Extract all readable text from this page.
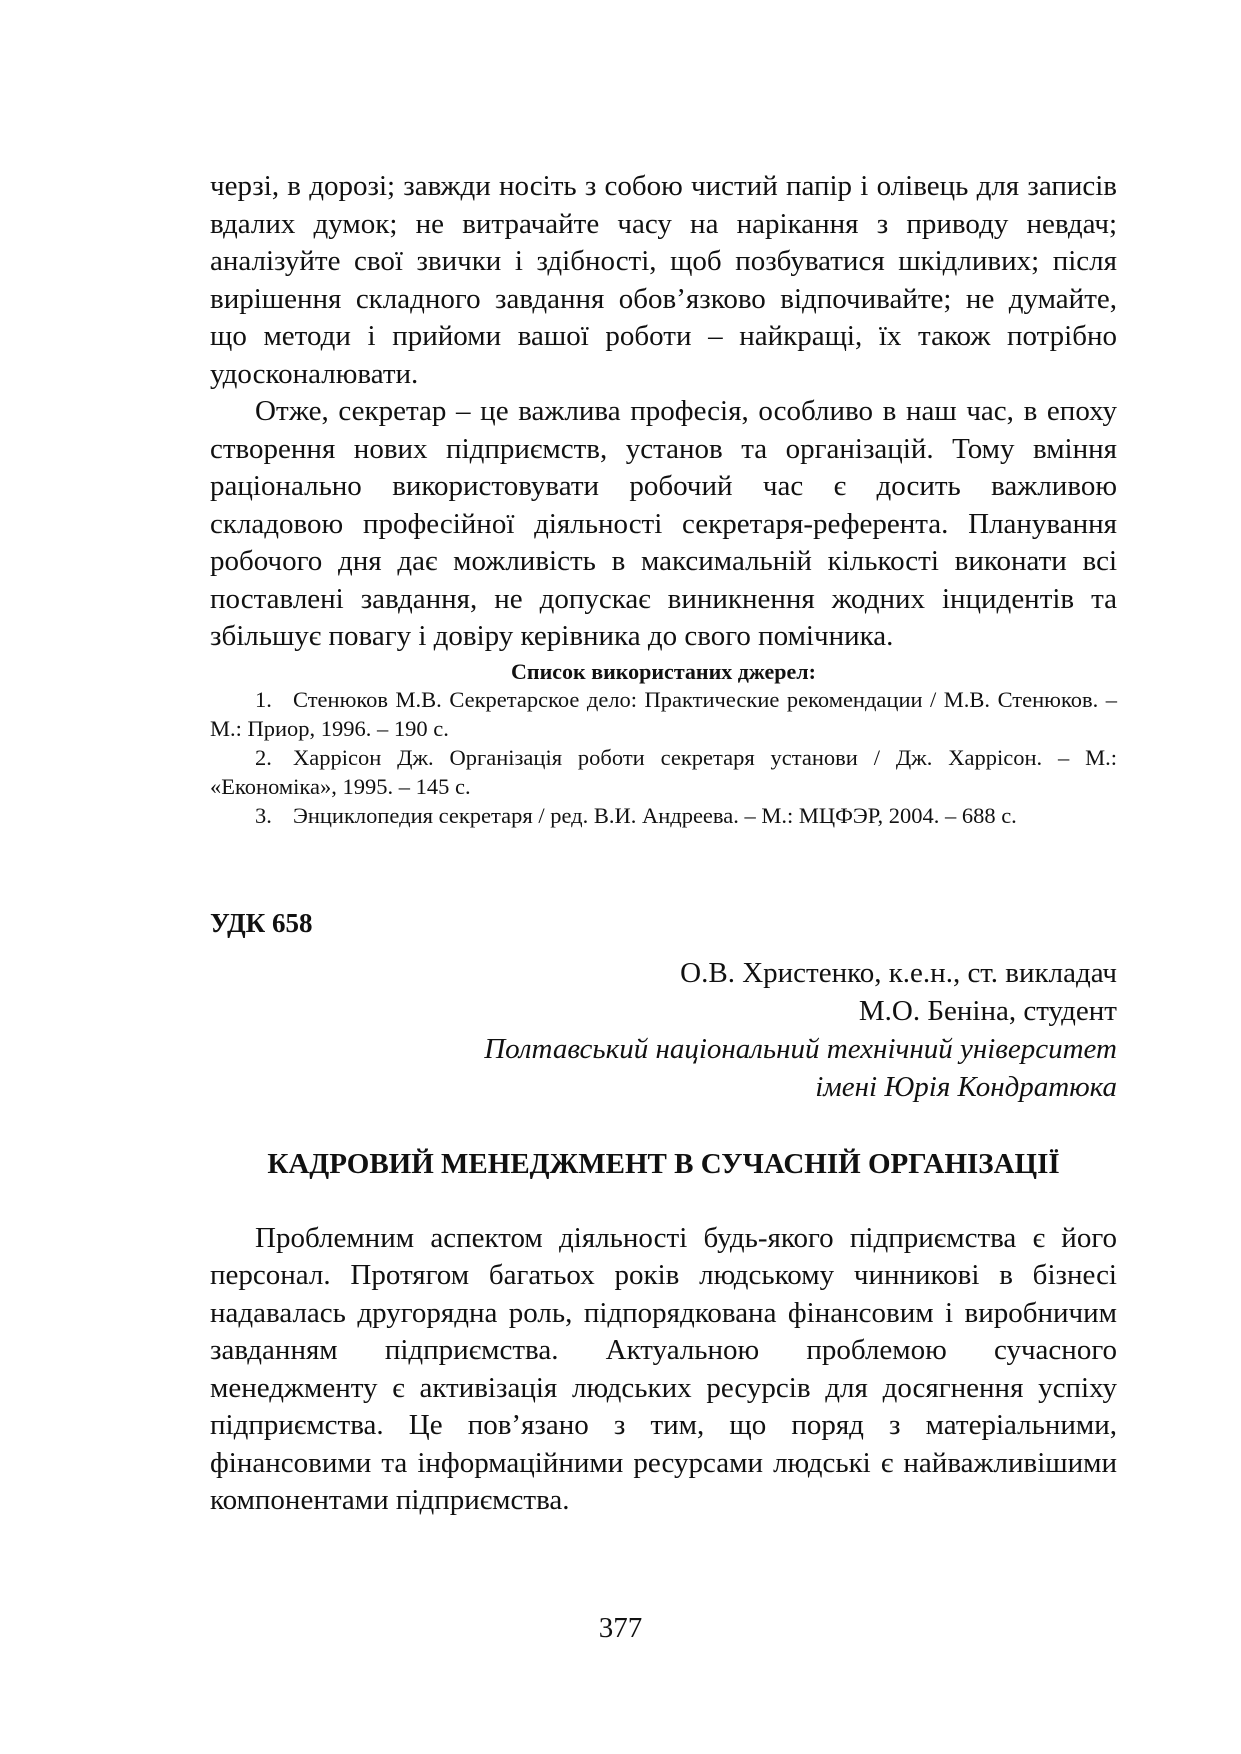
черзі, в дорозі; завжди носіть з собою чистий папір і олівець для записів вдалих думок; не витрачайте часу на нарікання з приводу невдач; аналізуйте свої звички і здібності, щоб позбуватися шкідливих; після вирішення складного завдання обов’язково відпочивайте; не думайте, що методи і прийоми вашої роботи – найкращі, їх також потрібно удосконалювати.

Отже, секретар – це важлива професія, особливо в наш час, в епоху створення нових підприємств, установ та організацій. Тому вміння раціонально використовувати робочий час є досить важливою складовою професійної діяльності секретаря-референта. Планування робочого дня дає можливість в максимальній кількості виконати всі поставлені завдання, не допускає виникнення жодних інцидентів та збільшує повагу і довіру керівника до свого помічника.

Список використаних джерел:

1. Стенюков М.В. Секретарское дело: Практические рекомендации / М.В. Стенюков. – М.: Приор, 1996. – 190 с.

2. Харрісон Дж. Організація роботи секретаря установи / Дж. Харрісон. – М.: «Економіка», 1995. – 145 с.

3. Энциклопедия секретаря / ред. В.И. Андреева. – М.: МЦФЭР, 2004. – 688 с.

УДК 658

О.В. Христенко, к.е.н., ст. викладач
М.О. Беніна, студент
Полтавський національний технічний університет
імені Юрія Кондратюка

КАДРОВИЙ МЕНЕДЖМЕНТ В СУЧАСНІЙ ОРГАНІЗАЦІЇ

Проблемним аспектом діяльності будь-якого підприємства є його персонал. Протягом багатьох років людському чинникові в бізнесі надавалась другорядна роль, підпорядкована фінансовим і виробничим завданням підприємства. Актуальною проблемою сучасного менеджменту є активізація людських ресурсів для досягнення успіху підприємства. Це пов’язано з тим, що поряд з матеріальними, фінансовими та інформаційними ресурсами людські є найважливішими компонентами підприємства.

377
